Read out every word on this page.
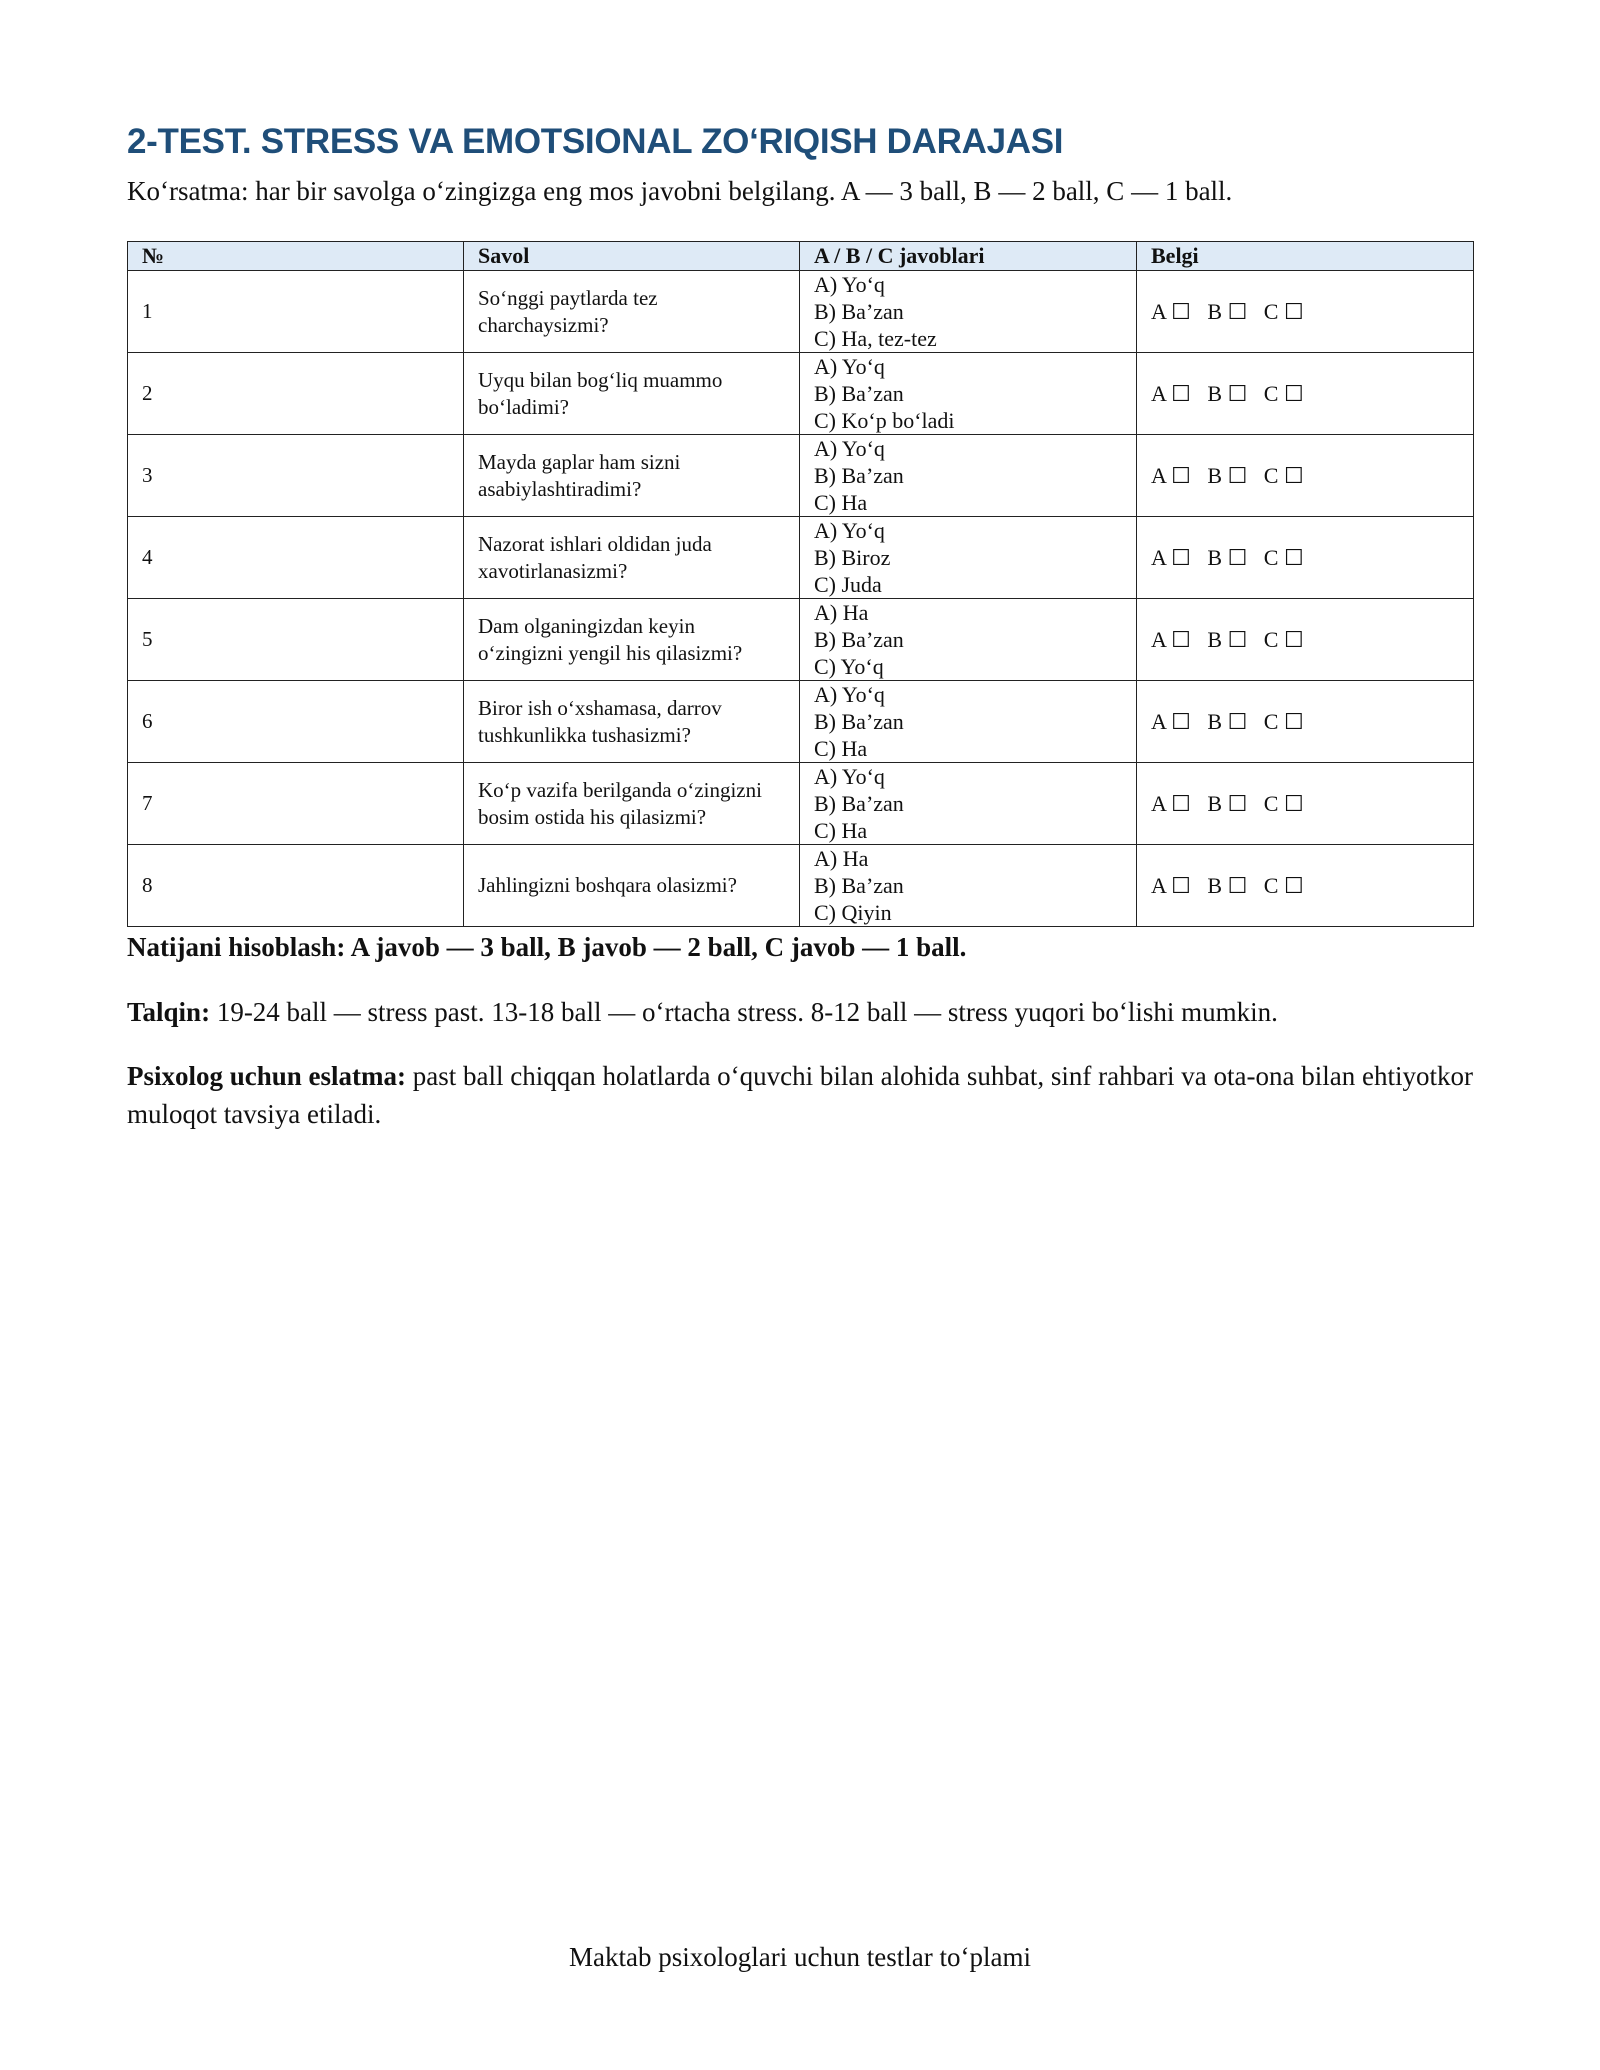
2-TEST. STRESS VA EMOTSIONAL ZOʻRIQISH DARAJASI

Koʻrsatma: har bir savolga oʻzingizga eng mos javobni belgilang. A — 3 ball, B — 2 ball, C — 1 ball.

№	Savol	A / B / C javoblari	Belgi
1	Soʻnggi paytlarda tez charchaysizmi?	A) Yoʻq
B) Ba’zan
C) Ha, tez-tez	A ☐   B ☐   C ☐
2	Uyqu bilan bogʻliq muammo boʻladimi?	A) Yoʻq
B) Ba’zan
C) Koʻp boʻladi	A ☐   B ☐   C ☐
3	Mayda gaplar ham sizni asabiylashtiradimi?	A) Yoʻq
B) Ba’zan
C) Ha	A ☐   B ☐   C ☐
4	Nazorat ishlari oldidan juda xavotirlanasizmi?	A) Yoʻq
B) Biroz
C) Juda	A ☐   B ☐   C ☐
5	Dam olganingizdan keyin oʻzingizni yengil his qilasizmi?	A) Ha
B) Ba’zan
C) Yoʻq	A ☐   B ☐   C ☐
6	Biror ish oʻxshamasa, darrov tushkunlikka tushasizmi?	A) Yoʻq
B) Ba’zan
C) Ha	A ☐   B ☐   C ☐
7	Koʻp vazifa berilganda oʻzingizni bosim ostida his qilasizmi?	A) Yoʻq
B) Ba’zan
C) Ha	A ☐   B ☐   C ☐
8	Jahlingizni boshqara olasizmi?	A) Ha
B) Ba’zan
C) Qiyin	A ☐   B ☐   C ☐

Natijani hisoblash: A javob — 3 ball, B javob — 2 ball, C javob — 1 ball.

Talqin: 19-24 ball — stress past. 13-18 ball — oʻrtacha stress. 8-12 ball — stress yuqori boʻlishi mumkin.

Psixolog uchun eslatma: past ball chiqqan holatlarda oʻquvchi bilan alohida suhbat, sinf rahbari va ota-ona bilan ehtiyotkor muloqot tavsiya etiladi.

Maktab psixologlari uchun testlar toʻplami
